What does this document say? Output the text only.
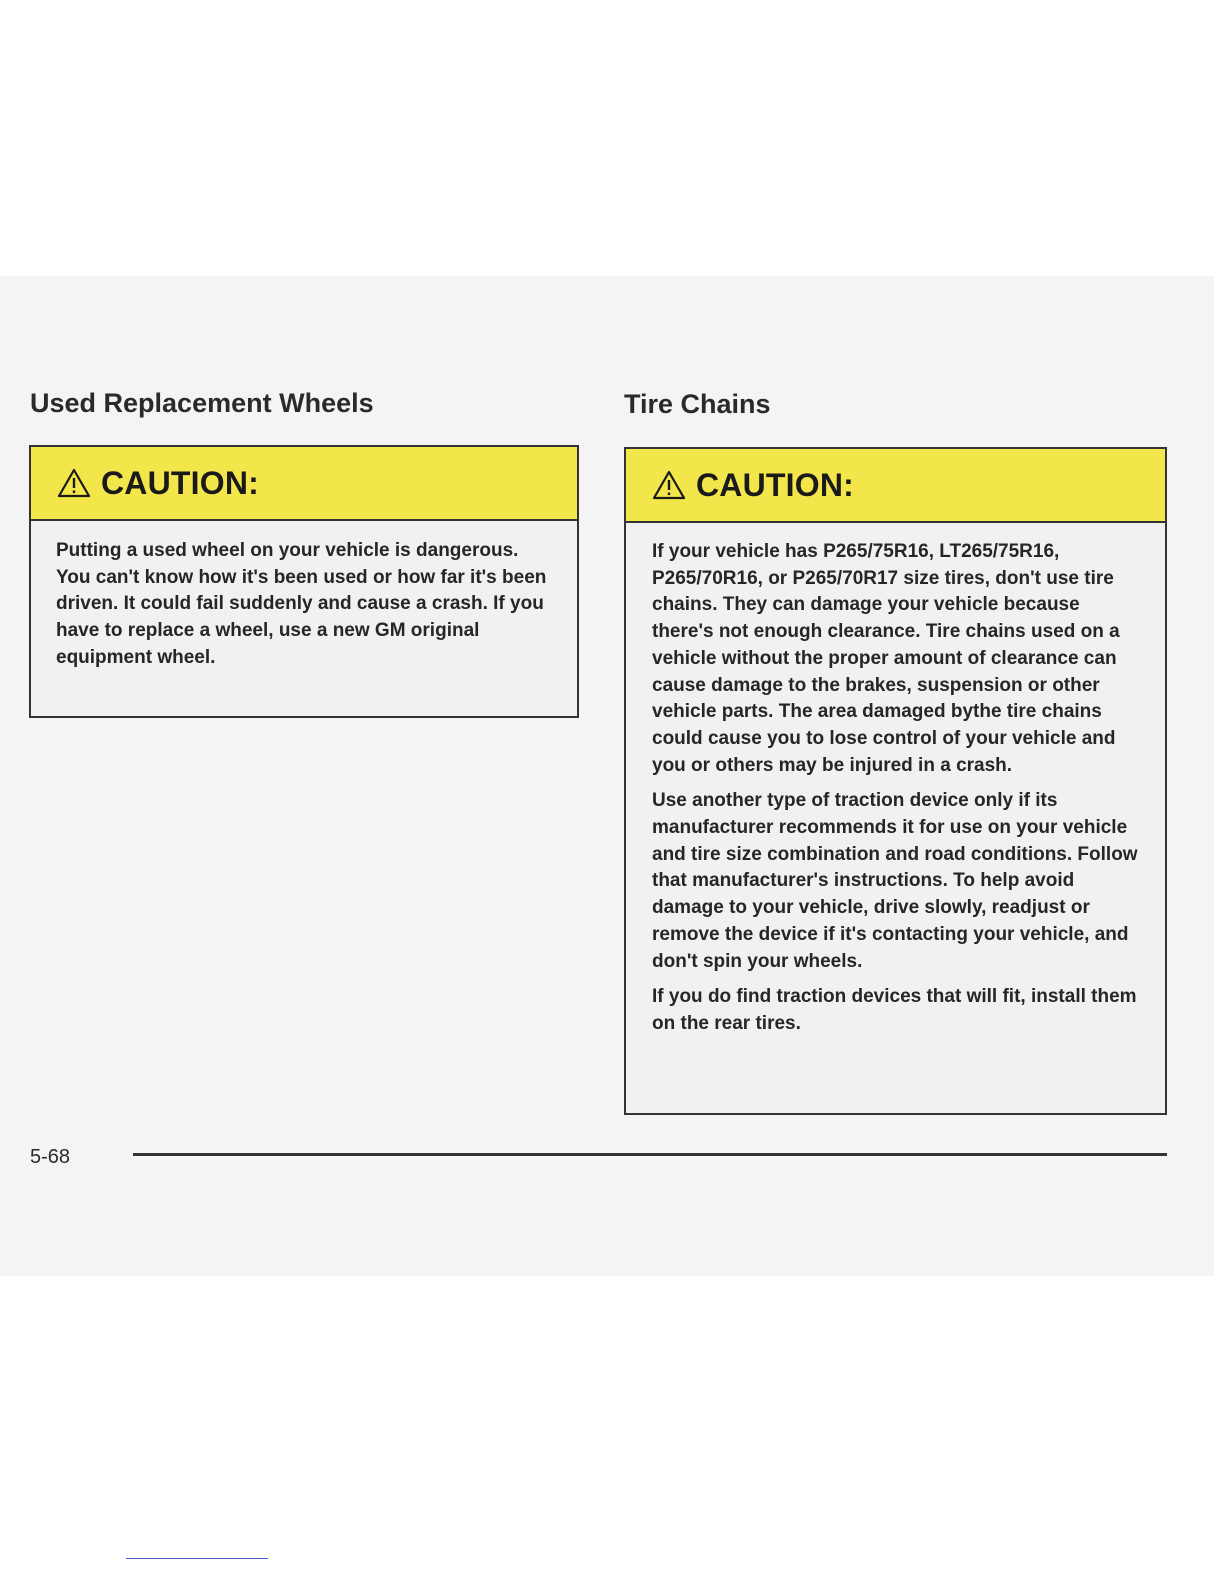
Used Replacement Wheels
CAUTION:

Putting a used wheel on your vehicle is dangerous. You can't know how it's been used or how far it's been driven. It could fail suddenly and cause a crash. If you have to replace a wheel, use a new GM original equipment wheel.

Tire Chains
CAUTION:

If your vehicle has P265/75R16, LT265/75R16, P265/70R16, or P265/70R17 size tires, don't use tire chains. They can damage your vehicle because there's not enough clearance. Tire chains used on a vehicle without the proper amount of clearance can cause damage to the brakes, suspension or other vehicle parts. The area damaged bythe tire chains could cause you to lose control of your vehicle and you or others may be injured in a crash.

Use another type of traction device only if its manufacturer recommends it for use on your vehicle and tire size combination and road conditions. Follow that manufacturer's instructions. To help avoid damage to your vehicle, drive slowly, readjust or remove the device if it's contacting your vehicle, and don't spin your wheels.

If you do find traction devices that will fit, install them on the rear tires.

5-68
